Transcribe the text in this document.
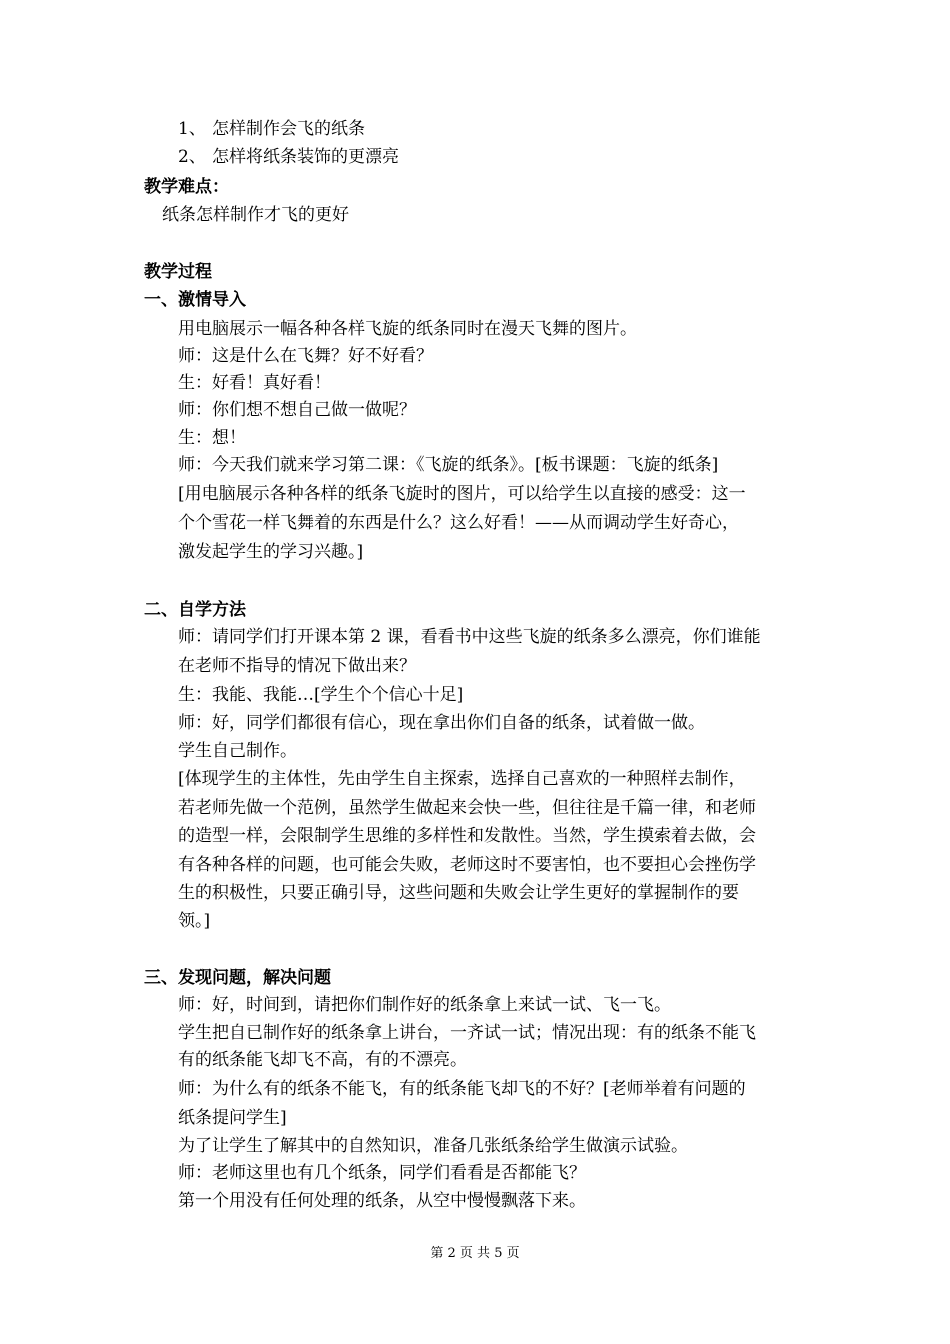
1、 怎样制作会飞的纸条
2、 怎样将纸条装饰的更漂亮
教学难点：
纸条怎样制作才飞的更好
教学过程
一、激情导入
用电脑展示一幅各种各样飞旋的纸条同时在漫天飞舞的图片。
师：这是什么在飞舞？好不好看？
生：好看！真好看！
师：你们想不想自己做一做呢？
生：想！
师：今天我们就来学习第二课：《飞旋的纸条》。[板书课题：飞旋的纸条]
[用电脑展示各种各样的纸条飞旋时的图片，可以给学生以直接的感受：这一
个个雪花一样飞舞着的东西是什么？这么好看！——从而调动学生好奇心，
激发起学生的学习兴趣。]
二、自学方法
师：请同学们打开课本第 2 课，看看书中这些飞旋的纸条多么漂亮，你们谁能
在老师不指导的情况下做出来？
生：我能、我能…[学生个个信心十足]
师：好，同学们都很有信心，现在拿出你们自备的纸条，试着做一做。
学生自己制作。
[体现学生的主体性，先由学生自主探索，选择自己喜欢的一种照样去制作，
若老师先做一个范例，虽然学生做起来会快一些，但往往是千篇一律，和老师
的造型一样，会限制学生思维的多样性和发散性。当然，学生摸索着去做，会
有各种各样的问题，也可能会失败，老师这时不要害怕，也不要担心会挫伤学
生的积极性，只要正确引导，这些问题和失败会让学生更好的掌握制作的要
领。]
三、发现问题，解决问题
师：好，时间到，请把你们制作好的纸条拿上来试一试、飞一飞。
学生把自已制作好的纸条拿上讲台，一齐试一试；情况出现：有的纸条不能飞
有的纸条能飞却飞不高，有的不漂亮。
师：为什么有的纸条不能飞，有的纸条能飞却飞的不好？[老师举着有问题的
纸条提问学生]
为了让学生了解其中的自然知识，准备几张纸条给学生做演示试验。
师：老师这里也有几个纸条，同学们看看是否都能飞？
第一个用没有任何处理的纸条，从空中慢慢飘落下来。
第 2 页 共 5 页
